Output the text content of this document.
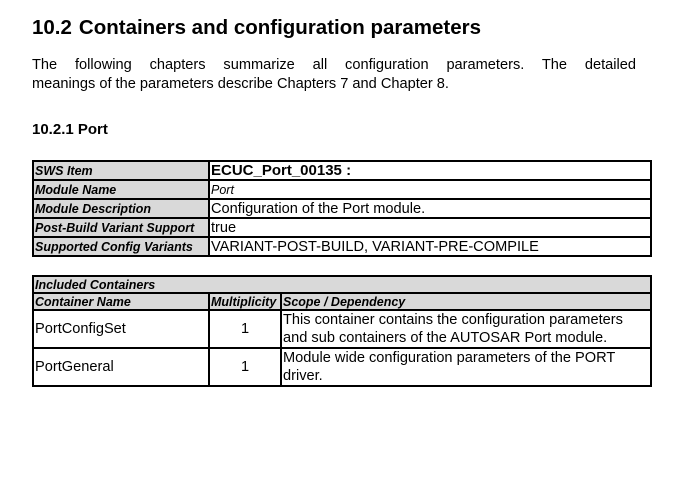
10.2 Containers and configuration parameters
The following chapters summarize all configuration parameters. The detailed
meanings of the parameters describe Chapters 7 and Chapter 8.
10.2.1 Port
SWS Item	ECUC_Port_00135 :
Module Name	Port
Module Description	Configuration of the Port module.
Post-Build Variant Support	true
Supported Config Variants	VARIANT-POST-BUILD, VARIANT-PRE-COMPILE
Included Containers		
Container Name	Multiplicity	Scope / Dependency
PortConfigSet	1	This container contains the configuration parameters and sub containers of the AUTOSAR Port module.
PortGeneral	1	Module wide configuration parameters of the PORT driver.
